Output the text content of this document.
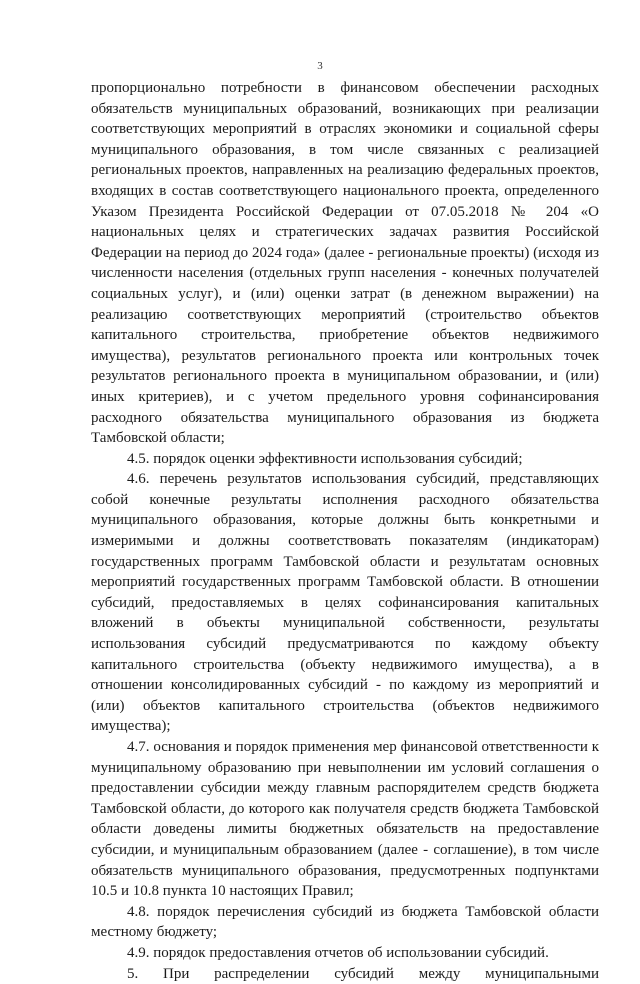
3

пропорционально потребности в финансовом обеспечении расходных обязательств муниципальных образований, возникающих при реализации соответствующих мероприятий в отраслях экономики и социальной сферы муниципального образования, в том числе связанных с реализацией региональных проектов, направленных на реализацию федеральных проектов, входящих в состав соответствующего национального проекта, определенного Указом Президента Российской Федерации от 07.05.2018 № 204 «О национальных целях и стратегических задачах развития Российской Федерации на период до 2024 года» (далее - региональные проекты) (исходя из численности населения (отдельных групп населения - конечных получателей социальных услуг), и (или) оценки затрат (в денежном выражении) на реализацию соответствующих мероприятий (строительство объектов капитального строительства, приобретение объектов недвижимого имущества), результатов регионального проекта или контрольных точек результатов регионального проекта в муниципальном образовании, и (или) иных критериев), и с учетом предельного уровня софинансирования расходного обязательства муниципального образования из бюджета Тамбовской области;

4.5. порядок оценки эффективности использования субсидий;

4.6. перечень результатов использования субсидий, представляющих собой конечные результаты исполнения расходного обязательства муниципального образования, которые должны быть конкретными и измеримыми и должны соответствовать показателям (индикаторам) государственных программ Тамбовской области и результатам основных мероприятий государственных программ Тамбовской области. В отношении субсидий, предоставляемых в целях софинансирования капитальных вложений в объекты муниципальной собственности, результаты использования субсидий предусматриваются по каждому объекту капитального строительства (объекту недвижимого имущества), а в отношении консолидированных субсидий - по каждому из мероприятий и (или) объектов капитального строительства (объектов недвижимого имущества);

4.7. основания и порядок применения мер финансовой ответственности к муниципальному образованию при невыполнении им условий соглашения о предоставлении субсидии между главным распорядителем средств бюджета Тамбовской области, до которого как получателя средств бюджета Тамбовской области доведены лимиты бюджетных обязательств на предоставление субсидии, и муниципальным образованием (далее - соглашение), в том числе обязательств муниципального образования, предусмотренных подпунктами 10.5 и 10.8 пункта 10 настоящих Правил;

4.8. порядок перечисления субсидий из бюджета Тамбовской области местному бюджету;

4.9. порядок предоставления отчетов об использовании субсидий.

5. При распределении субсидий между муниципальными
